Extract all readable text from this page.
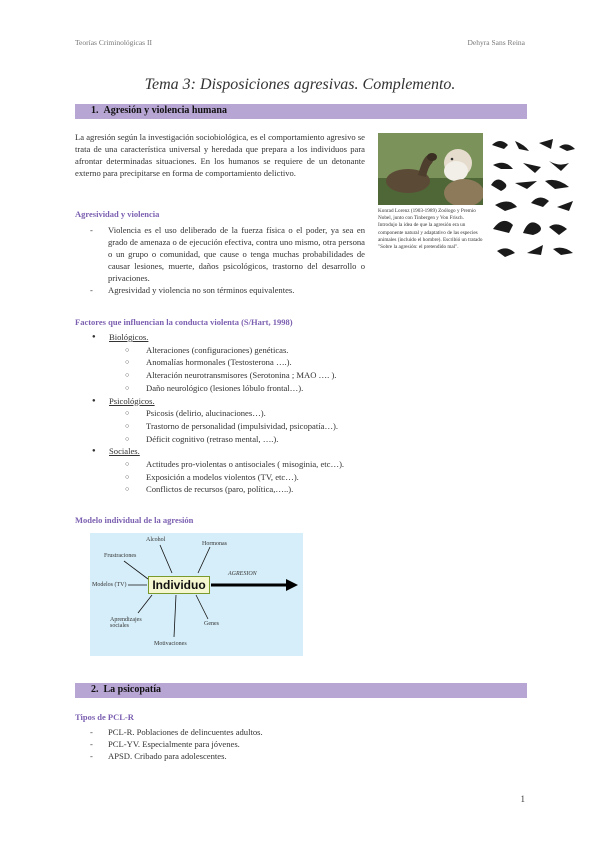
Teorías Criminológicas II	Dehyra Sans Reina
Tema 3: Disposiciones agresivas. Complemento.
1. Agresión y violencia humana

La agresión según la investigación sociobiológica, es el comportamiento agresivo se trata de una característica universal y heredada que prepara a los individuos para afrontar determinadas situaciones. En los humanos se requiere de un detonante externo para precipitarse en forma de comportamiento delictivo.

Konrad Lorenz (1903-1989) Zoólogo y Premio Nobel, junto con Tinbergen y Von Frisch. Introdujo la idea de que la agresión era un componente natural y adaptativo de las especies animales (incluido el hombre). Escribió un tratado "Sobre la agresión: el pretendido mal".
Agresividad y violencia
- Violencia es el uso deliberado de la fuerza física o el poder, ya sea en grado de amenaza o de ejecución efectiva, contra uno mismo, otra persona o un grupo o comunidad, que cause o tenga muchas probabilidades de causar lesiones, muerte, daños psicológicos, trastorno del desarrollo o privaciones.
- Agresividad y violencia no son términos equivalentes.
Factores que influencian la conducta violenta (S/Hart, 1998)
● Biológicos.
○ Alteraciones (configuraciones) genéticas.
○ Anomalías hormonales (Testosterona ….).
○ Alteración neurotransmisores (Serotonina ; MAO …. ).
○ Daño neurológico (lesiones lóbulo frontal…).
● Psicológicos.
○ Psicosis (delirio, alucinaciones…).
○ Trastorno de personalidad (impulsividad, psicopatía…).
○ Déficit cognitivo (retraso mental, ….).
● Sociales.
○ Actitudes pro-violentas o antisociales ( misoginia, etc…).
○ Exposición a modelos violentos (TV, etc…).
○ Conflictos de recursos (paro, política,…..).
Modelo individual de la agresión
Alcohol
Hormonas
Frustraciones
Modelos (TV)	Individuo
AGRESION
Aprendizajes sociales	Genes
Motivaciones
2. La psicopatía
Tipos de PCL-R
- PCL-R. Poblaciones de delincuentes adultos.
- PCL-YV. Especialmente para jóvenes.
- APSD. Cribado para adolescentes.
1
